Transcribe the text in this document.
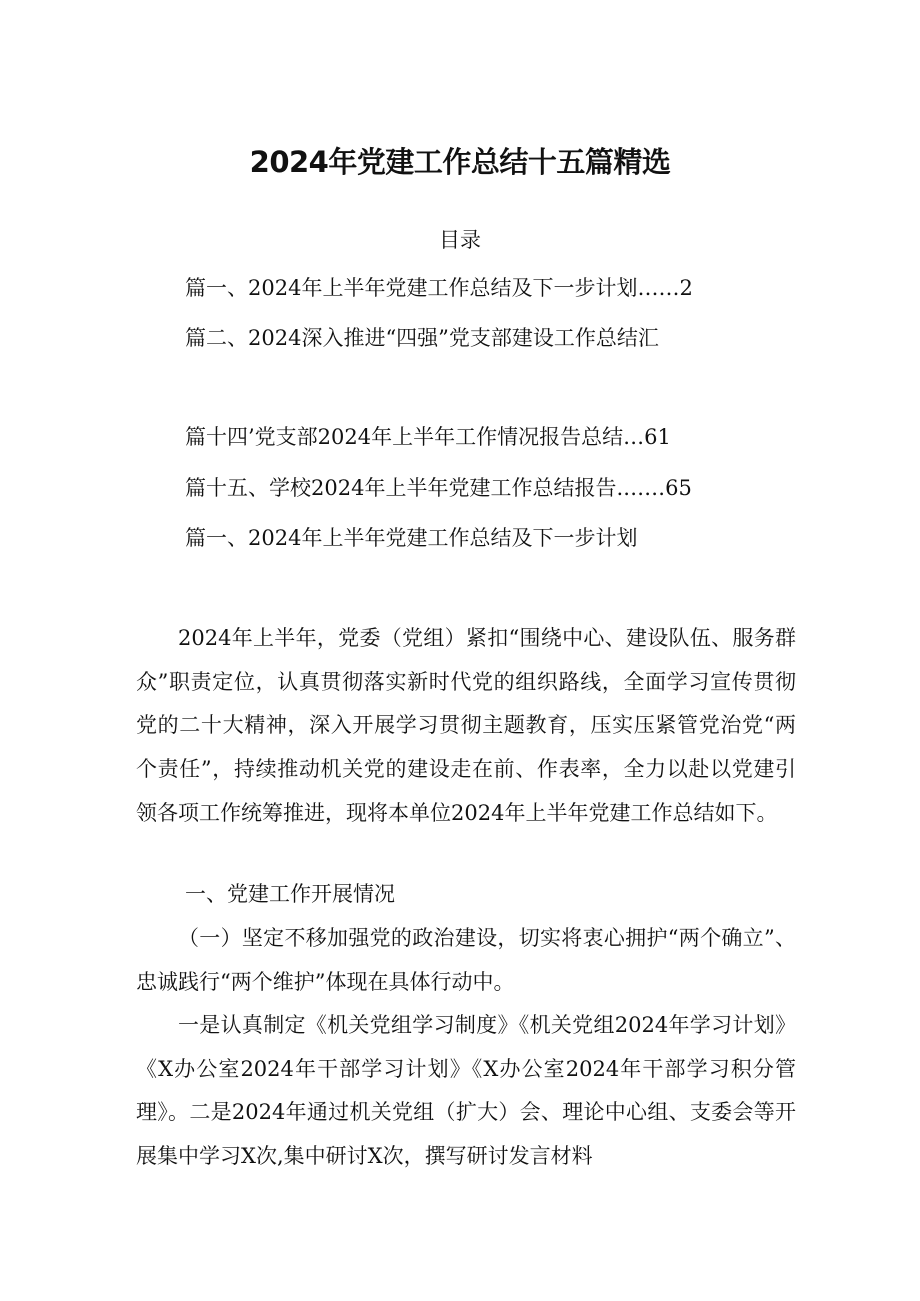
2024年党建工作总结十五篇精选
目录
篇一、2024年上半年党建工作总结及下一步计划……2
篇二、2024深入推进“四强”党支部建设工作总结汇
篇十四’党支部2024年上半年工作情况报告总结…61
篇十五、学校2024年上半年党建工作总结报告.……65
篇一、2024年上半年党建工作总结及下一步计划
2024年上半年，党委（党组）紧扣“围绕中心、建设队伍、服务群众”职责定位，认真贯彻落实新时代党的组织路线，全面学习宣传贯彻党的二十大精神，深入开展学习贯彻主题教育，压实压紧管党治党“两个责任”，持续推动机关党的建设走在前、作表率，全力以赴以党建引领各项工作统筹推进，现将本单位2024年上半年党建工作总结如下。
一、党建工作开展情况
（一）坚定不移加强党的政治建设，切实将衷心拥护“两个确立”、忠诚践行“两个维护”体现在具体行动中。
一是认真制定《机关党组学习制度》《机关党组2024年学习计划》《X办公室2024年干部学习计划》《X办公室2024年干部学习积分管理》。二是2024年通过机关党组（扩大）会、理论中心组、支委会等开展集中学习X次,集中研讨X次，撰写研讨发言材料
